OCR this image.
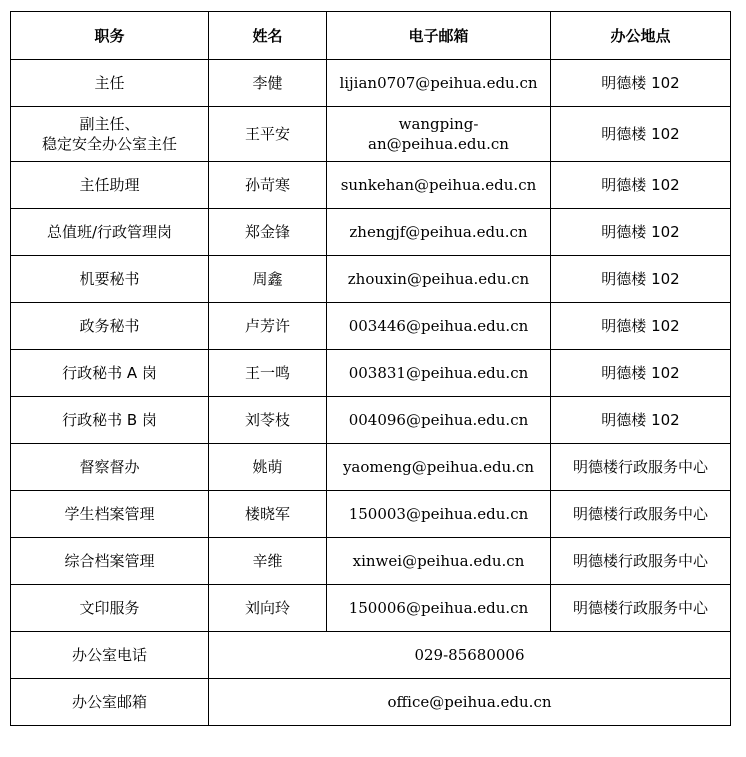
职务	姓名	电子邮箱	办公地点
主任	李健	lijian0707@peihua.edu.cn	明德楼 102

副主任、
稳定安全办公室主任	王平安	wangping-an@peihua.edu.cn	明德楼 102
主任助理	孙苛寒	sunkehan@peihua.edu.cn	明德楼 102
总值班/行政管理岗	郑金锋	zhengjf@peihua.edu.cn	明德楼 102
机要秘书	周鑫	zhouxin@peihua.edu.cn	明德楼 102
政务秘书	卢芳许	003446@peihua.edu.cn	明德楼 102
行政秘书 A 岗	王一鸣	003831@peihua.edu.cn	明德楼 102
行政秘书 B 岗	刘苓枝	004096@peihua.edu.cn	明德楼 102
督察督办	姚萌	yaomeng@peihua.edu.cn	明德楼行政服务中心
学生档案管理	楼晓军	150003@peihua.edu.cn	明德楼行政服务中心
综合档案管理	辛维	xinwei@peihua.edu.cn	明德楼行政服务中心
文印服务	刘向玲	150006@peihua.edu.cn	明德楼行政服务中心
办公室电话	029-85680006		
办公室邮箱	office@peihua.edu.cn		
